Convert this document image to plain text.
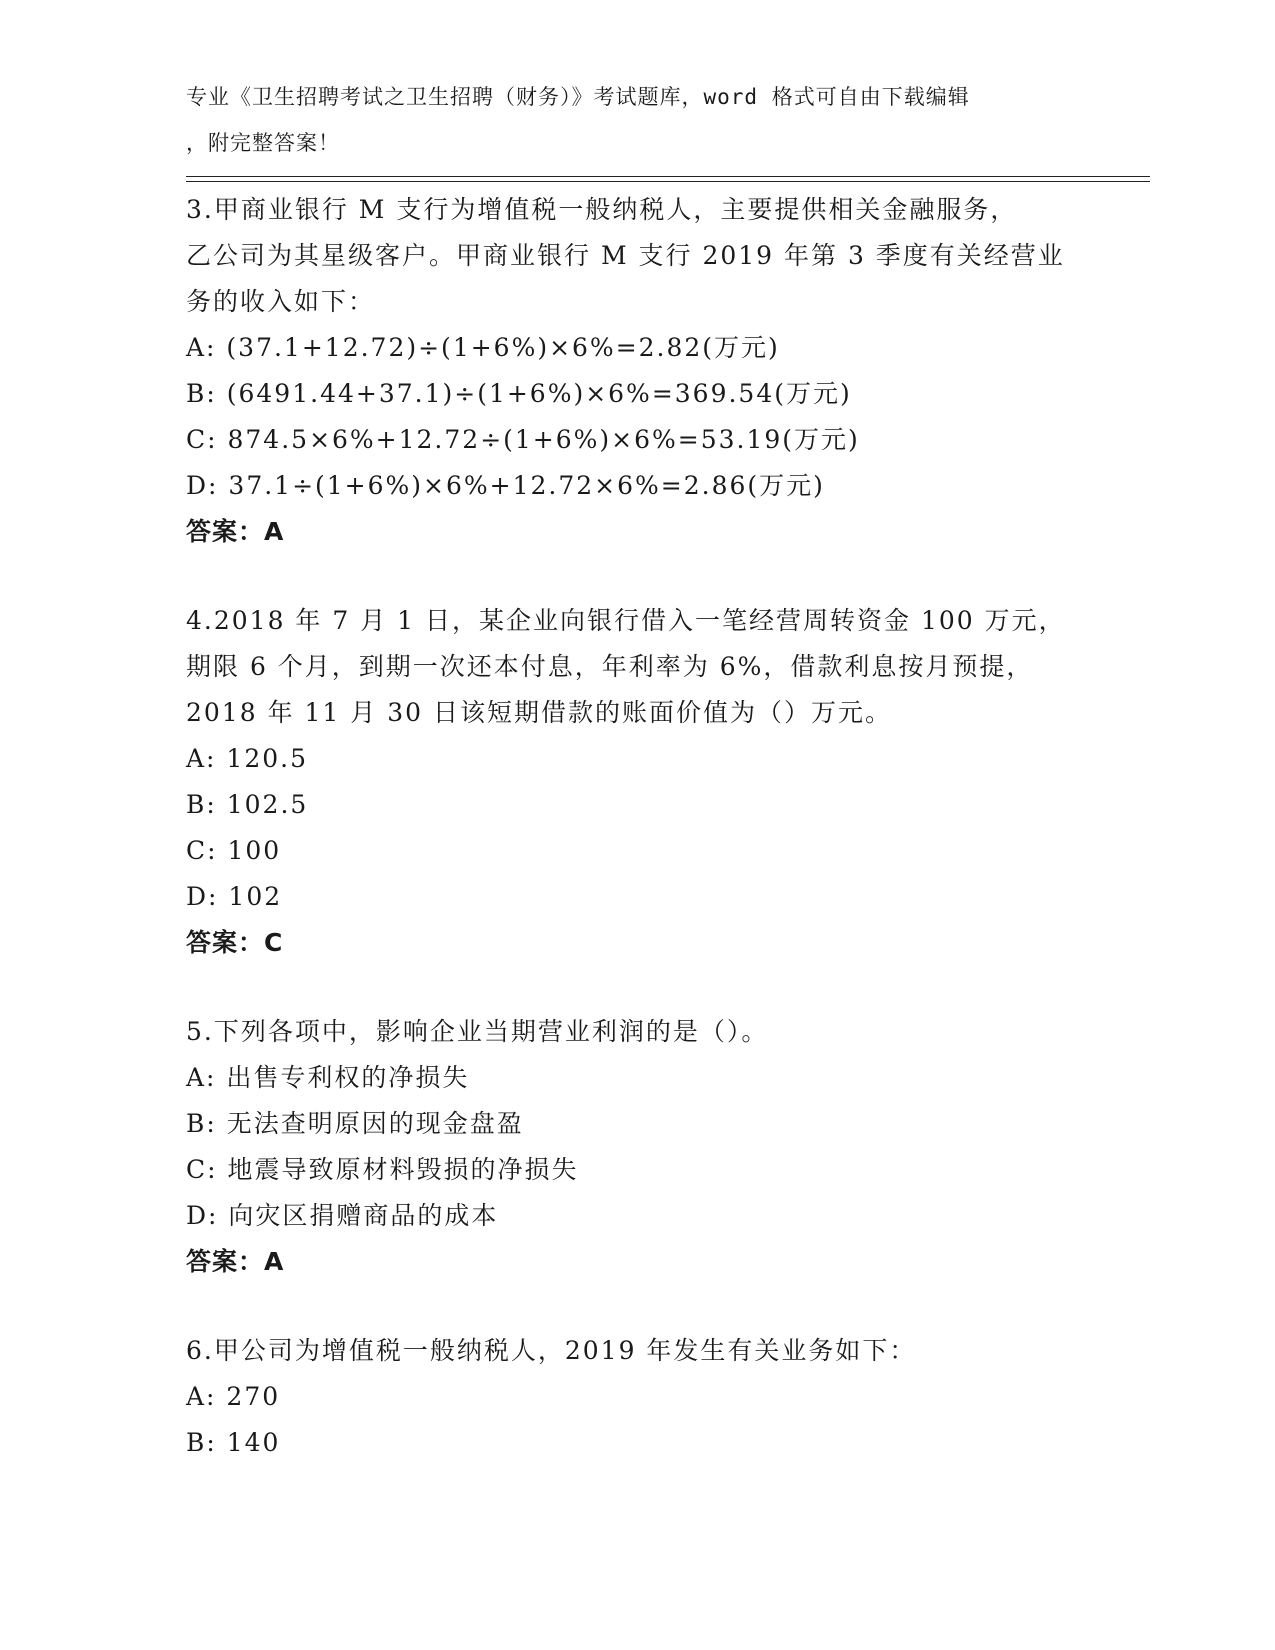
专业《卫生招聘考试之卫生招聘（财务）》考试题库，word 格式可自由下载编辑
，附完整答案！
3.甲商业银行 M 支行为增值税一般纳税人，主要提供相关金融服务，
乙公司为其星级客户。甲商业银行 M 支行 2019 年第 3 季度有关经营业
务的收入如下：
A: (37.1+12.72)÷(1+6%)×6%=2.82(万元)
B: (6491.44+37.1)÷(1+6%)×6%=369.54(万元)
C: 874.5×6%+12.72÷(1+6%)×6%=53.19(万元)
D: 37.1÷(1+6%)×6%+12.72×6%=2.86(万元)
答案：A
4.2018 年 7 月 1 日，某企业向银行借入一笔经营周转资金 100 万元，
期限 6 个月，到期一次还本付息，年利率为 6%，借款利息按月预提，
2018 年 11 月 30 日该短期借款的账面价值为（）万元。
A: 120.5
B: 102.5
C: 100
D: 102
答案：C
5.下列各项中，影响企业当期营业利润的是（）。
A: 出售专利权的净损失
B: 无法查明原因的现金盘盈
C: 地震导致原材料毁损的净损失
D: 向灾区捐赠商品的成本
答案：A
6.甲公司为增值税一般纳税人，2019 年发生有关业务如下：
A: 270
B: 140
